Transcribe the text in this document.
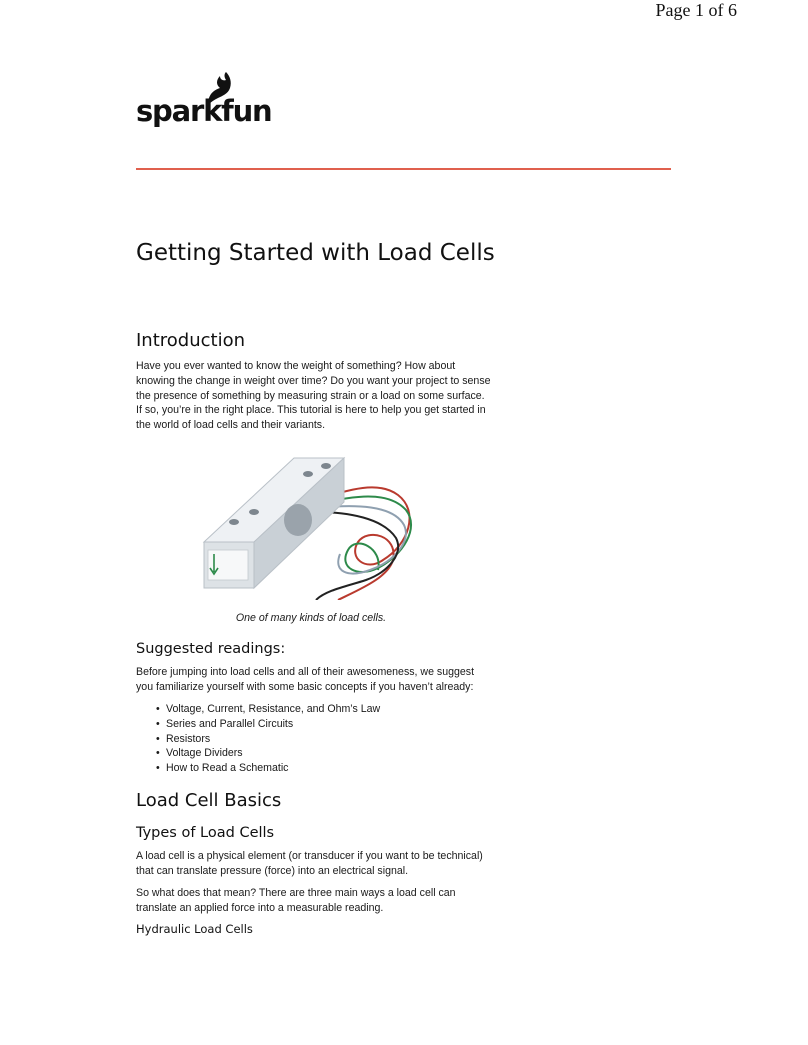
Page 1 of 6
sparkfun
Getting Started with Load Cells
Introduction

Have you ever wanted to know the weight of something? How about
knowing the change in weight over time? Do you want your project to sense
the presence of something by measuring strain or a load on some surface.
If so, you’re in the right place. This tutorial is here to help you get started in
the world of load cells and their variants.

One of many kinds of load cells.

Suggested readings:

Before jumping into load cells and all of their awesomeness, we suggest
you familiarize yourself with some basic concepts if you haven’t already:

• Voltage, Current, Resistance, and Ohm’s Law
• Series and Parallel Circuits
• Resistors
• Voltage Dividers
• How to Read a Schematic
Load Cell Basics
Types of Load Cells

A load cell is a physical element (or transducer if you want to be technical)
that can translate pressure (force) into an electrical signal.

So what does that mean? There are three main ways a load cell can
translate an applied force into a measurable reading.

Hydraulic Load Cells
